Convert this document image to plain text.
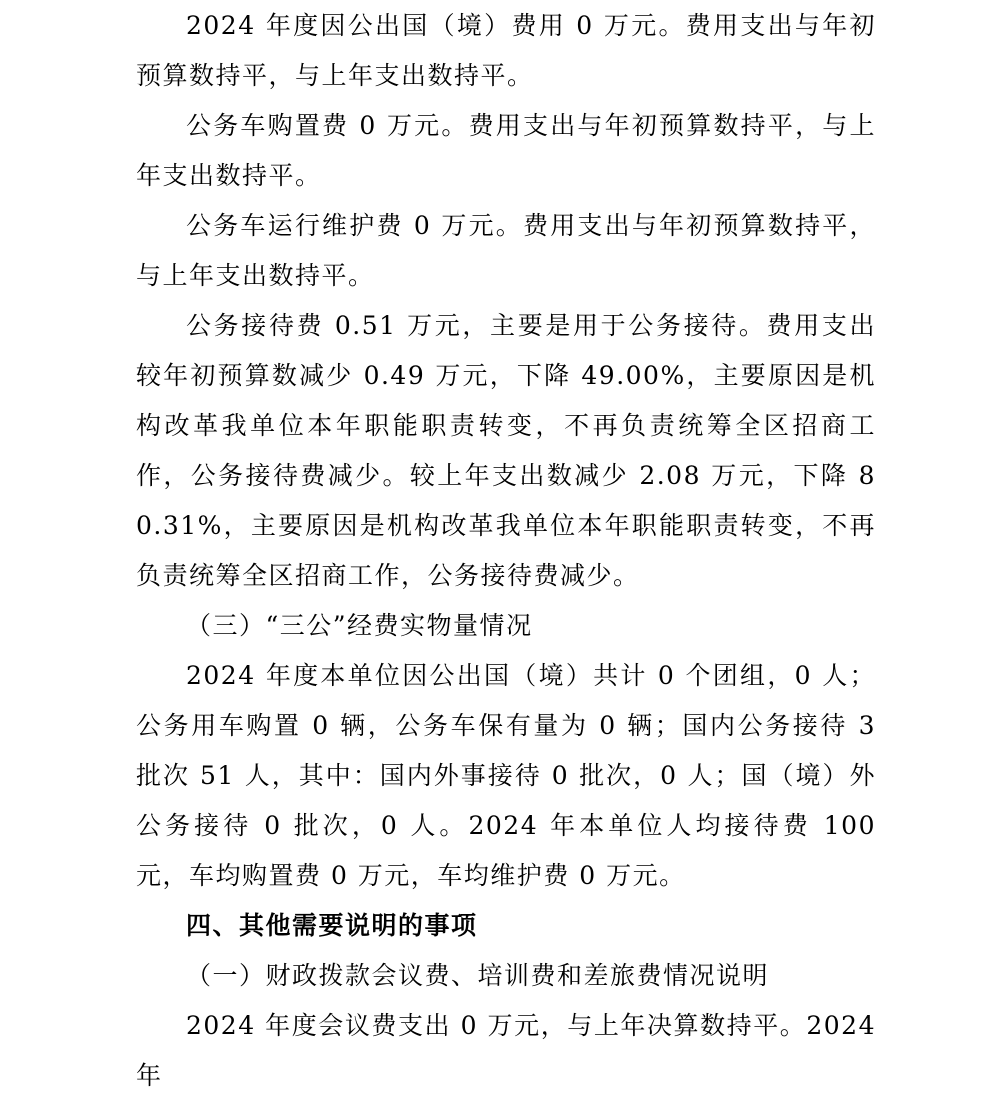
2024 年度因公出国（境）费用 0 万元。费用支出与年初预算数持平，与上年支出数持平。

公务车购置费 0 万元。费用支出与年初预算数持平，与上年支出数持平。

公务车运行维护费 0 万元。费用支出与年初预算数持平，与上年支出数持平。

公务接待费 0.51 万元，主要是用于公务接待。费用支出较年初预算数减少 0.49 万元，下降 49.00%，主要原因是机构改革我单位本年职能职责转变，不再负责统筹全区招商工作，公务接待费减少。较上年支出数减少 2.08 万元，下降 80.31%，主要原因是机构改革我单位本年职能职责转变，不再负责统筹全区招商工作，公务接待费减少。

（三）“三公”经费实物量情况

2024 年度本单位因公出国（境）共计 0 个团组，0 人；公务用车购置 0 辆，公务车保有量为 0 辆；国内公务接待 3 批次 51 人，其中：国内外事接待 0 批次，0 人；国（境）外公务接待 0 批次，0 人。2024 年本单位人均接待费 100 元，车均购置费 0 万元，车均维护费 0 万元。

四、其他需要说明的事项

（一）财政拨款会议费、培训费和差旅费情况说明

2024 年度会议费支出 0 万元，与上年决算数持平。2024 年
